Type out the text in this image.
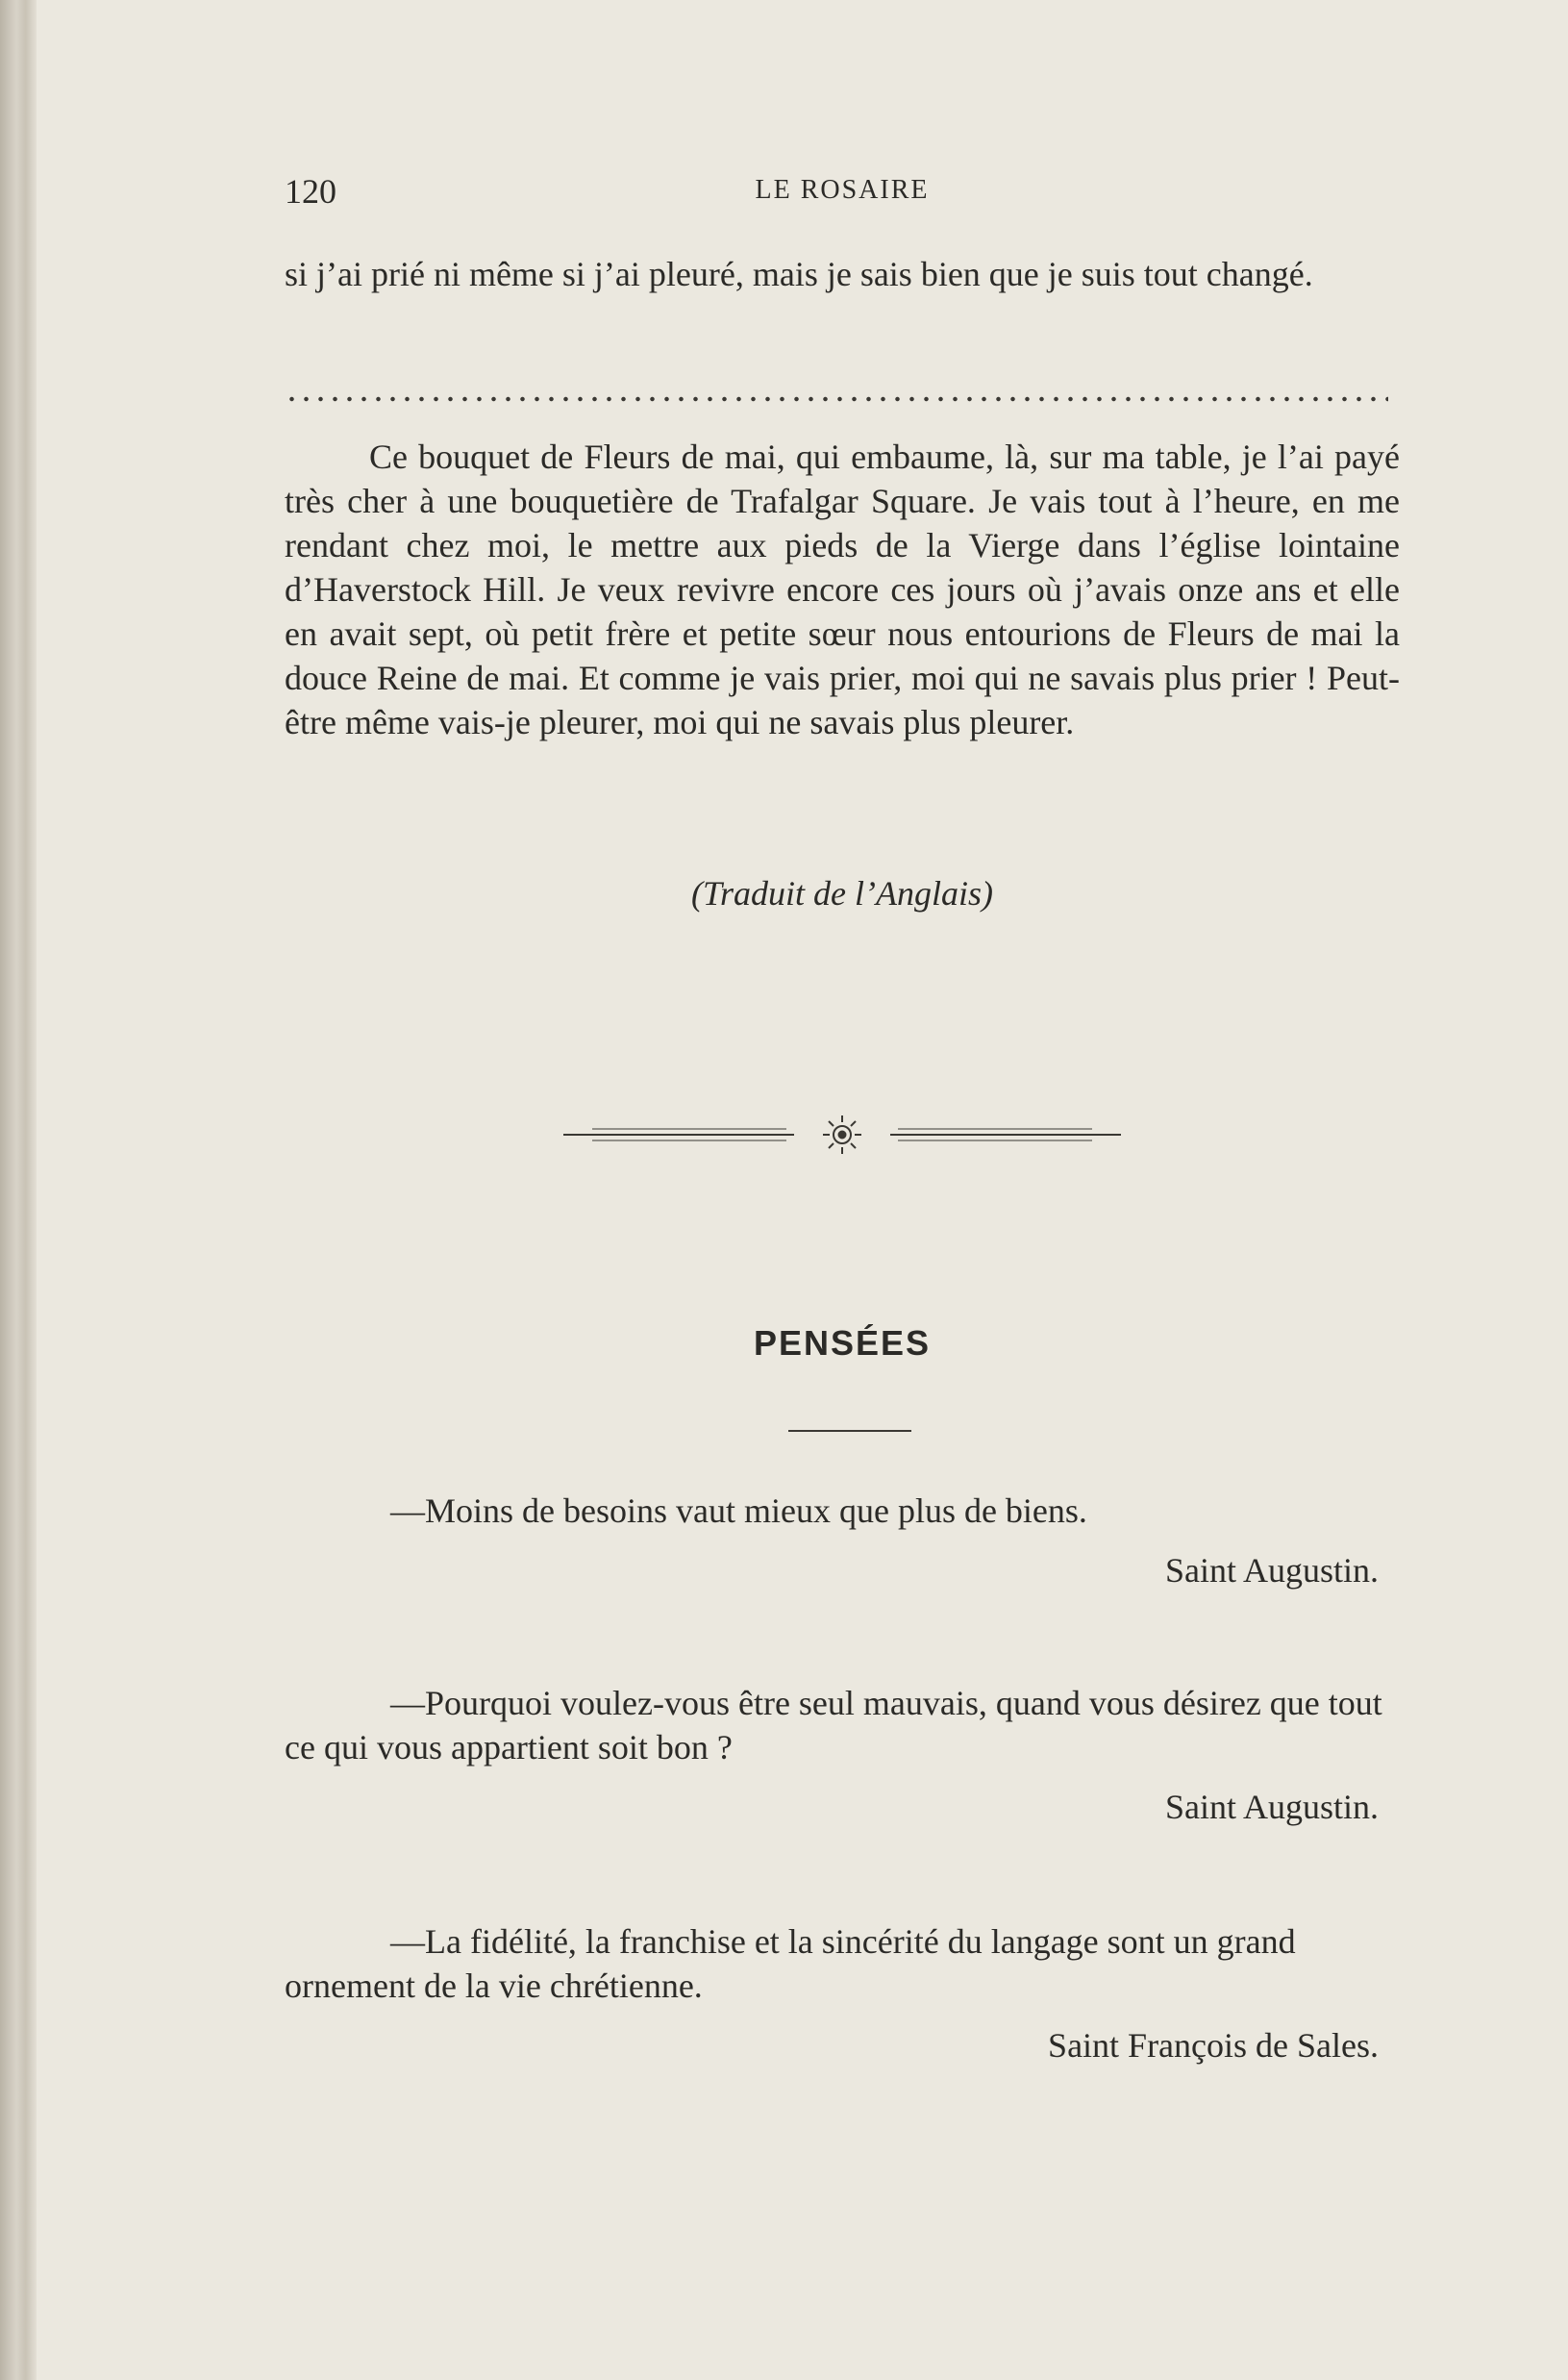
120	LE ROSAIRE

si j’ai prié ni même si j’ai pleuré, mais je sais bien que je suis tout changé.

Ce bouquet de Fleurs de mai, qui embaume, là, sur ma table, je l’ai payé très cher à une bouquetière de Trafalgar Square. Je vais tout à l’heure, en me rendant chez moi, le mettre aux pieds de la Vierge dans l’église lointaine d’Haverstock Hill. Je veux revivre encore ces jours où j’avais onze ans et elle en avait sept, où petit frère et petite sœur nous entourions de Fleurs de mai la douce Reine de mai. Et comme je vais prier, moi qui ne savais plus prier ! Peut-être même vais-je pleurer, moi qui ne savais plus pleurer.

(Traduit de l’Anglais)
PENSÉES
—Moins de besoins vaut mieux que plus de biens.
Saint Augustin.
—Pourquoi voulez-vous être seul mauvais, quand vous désirez que tout ce qui vous appartient soit bon ?
Saint Augustin.
—La fidélité, la franchise et la sincérité du langage sont un grand ornement de la vie chrétienne.
Saint François de Sales.
